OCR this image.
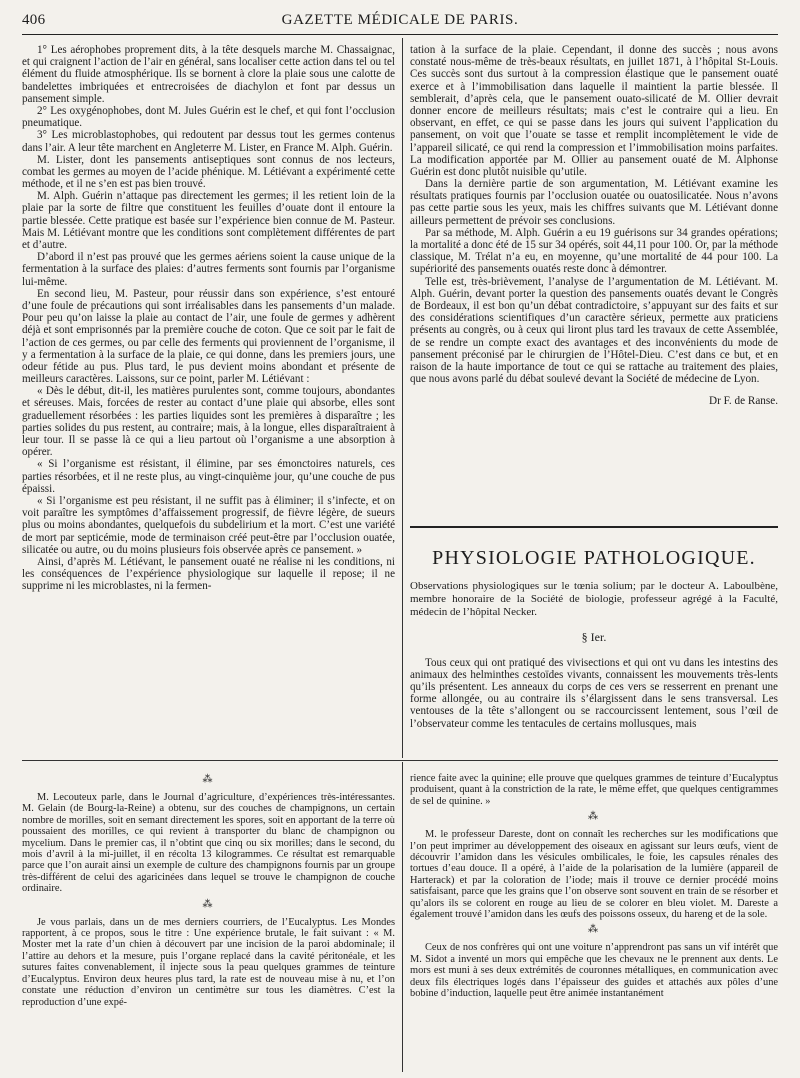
406	GAZETTE MÉDICALE DE PARIS.

1° Les aérophobes proprement dits, à la tête desquels marche M. Chassaignac, et qui craignent l’action de l’air en général, sans localiser cette action dans tel ou tel élément du fluide atmosphérique. Ils se bornent à clore la plaie sous une calotte de bandelettes imbriquées et entrecroisées de diachylon et font par dessus un pansement simple.

2° Les oxygénophobes, dont M. Jules Guérin est le chef, et qui font l’occlusion pneumatique.

3° Les microblastophobes, qui redoutent par dessus tout les germes contenus dans l’air. A leur tête marchent en Angleterre M. Lister, en France M. Alph. Guérin.

M. Lister, dont les pansements antiseptiques sont connus de nos lecteurs, combat les germes au moyen de l’acide phénique. M. Létiévant a expérimenté cette méthode, et il ne s’en est pas bien trouvé.

M. Alph. Guérin n’attaque pas directement les germes; il les retient loin de la plaie par la sorte de filtre que constituent les feuilles d’ouate dont il entoure la partie blessée. Cette pratique est basée sur l’expérience bien connue de M. Pasteur. Mais M. Létiévant montre que les conditions sont complètement différentes de part et d’autre.

D’abord il n’est pas prouvé que les germes aériens soient la cause unique de la fermentation à la surface des plaies: d’autres ferments sont fournis par l’organisme lui-même.

En second lieu, M. Pasteur, pour réussir dans son expérience, s’est entouré d’une foule de précautions qui sont irréalisables dans les pansements d’un malade. Pour peu qu’on laisse la plaie au contact de l’air, une foule de germes y adhèrent déjà et sont emprisonnés par la première couche de coton. Que ce soit par le fait de l’action de ces germes, ou par celle des ferments qui proviennent de l’organisme, il y a fermentation à la surface de la plaie, ce qui donne, dans les premiers jours, une odeur fétide au pus. Plus tard, le pus devient moins abondant et présente de meilleurs caractères. Laissons, sur ce point, parler M. Létiévant :

« Dès le début, dit-il, les matières purulentes sont, comme toujours, abondantes et séreuses. Mais, forcées de rester au contact d’une plaie qui absorbe, elles sont graduellement résorbées : les parties liquides sont les premières à disparaître ; les parties solides du pus restent, au contraire; mais, à la longue, elles disparaîtraient à leur tour. Il se passe là ce qui a lieu partout où l’organisme a une absorption à opérer.

« Si l’organisme est résistant, il élimine, par ses émonctoires naturels, ces parties résorbées, et il ne reste plus, au vingt-cinquième jour, qu’une couche de pus épaissi.

« Si l’organisme est peu résistant, il ne suffit pas à éliminer; il s’infecte, et on voit paraître les symptômes d’affaissement progressif, de fièvre légère, de sueurs plus ou moins abondantes, quelquefois du subdelirium et la mort. C’est une variété de mort par septicémie, mode de terminaison créé peut-être par l’occlusion ouatée, silicatée ou autre, ou du moins plusieurs fois observée après ce pansement. »

Ainsi, d’après M. Létiévant, le pansement ouaté ne réalise ni les conditions, ni les conséquences de l’expérience physiologique sur laquelle il repose; il ne supprime ni les microblastes, ni la fermen-

tation à la surface de la plaie. Cependant, il donne des succès ; nous avons constaté nous-même de très-beaux résultats, en juillet 1871, à l’hôpital St-Louis. Ces succès sont dus surtout à la compression élastique que le pansement ouaté exerce et à l’immobilisation dans laquelle il maintient la partie blessée. Il semblerait, d’après cela, que le pansement ouato-silicaté de M. Ollier devrait donner encore de meilleurs résultats; mais c’est le contraire qui a lieu. En observant, en effet, ce qui se passe dans les jours qui suivent l’application du pansement, on voit que l’ouate se tasse et remplit incomplètement le vide de l’appareil silicaté, ce qui rend la compression et l’immobilisation moins parfaites. La modification apportée par M. Ollier au pansement ouaté de M. Alphonse Guérin est donc plutôt nuisible qu’utile.

Dans la dernière partie de son argumentation, M. Létiévant examine les résultats pratiques fournis par l’occlusion ouatée ou ouatosilicatée. Nous n’avons pas cette partie sous les yeux, mais les chiffres suivants que M. Létiévant donne ailleurs permettent de prévoir ses conclusions.

Par sa méthode, M. Alph. Guérin a eu 19 guérisons sur 34 grandes opérations; la mortalité a donc été de 15 sur 34 opérés, soit 44,11 pour 100. Or, par la méthode classique, M. Trélat n’a eu, en moyenne, qu’une mortalité de 44 pour 100. La supériorité des pansements ouatés reste donc à démontrer.

Telle est, très-brièvement, l’analyse de l’argumentation de M. Létiévant. M. Alph. Guérin, devant porter la question des pansements ouatés devant le Congrès de Bordeaux, il est bon qu’un débat contradictoire, s’appuyant sur des faits et sur des considérations scientifiques d’un caractère sérieux, permette aux praticiens présents au congrès, ou à ceux qui liront plus tard les travaux de cette Assemblée, de se rendre un compte exact des avantages et des inconvénients du mode de pansement préconisé par le chirurgien de l’Hôtel-Dieu. C’est dans ce but, et en raison de la haute importance de tout ce qui se rattache au traitement des plaies, que nous avons parlé du débat soulevé devant la Société de médecine de Lyon.

Dr F. de Ranse.
PHYSIOLOGIE PATHOLOGIQUE.
Observations physiologiques sur le tœnia solium; par le docteur A. Laboulbène, membre honoraire de la Société de biologie, professeur agrégé à la Faculté, médecin de l’hôpital Necker.
§ Ier.

Tous ceux qui ont pratiqué des vivisections et qui ont vu dans les intestins des animaux des helminthes cestoïdes vivants, connaissent les mouvements très-lents qu’ils présentent. Les anneaux du corps de ces vers se resserrent en prenant une forme allongée, ou au contraire ils s’élargissent dans le sens transversal. Les ventouses de la tête s’allongent ou se raccourcissent lentement, sous l’œil de l’observateur comme les tentacules de certains mollusques, mais

⁂

M. Lecouteux parle, dans le Journal d’agriculture, d’expériences très-intéressantes. M. Gelain (de Bourg-la-Reine) a obtenu, sur des couches de champignons, un certain nombre de morilles, soit en semant directement les spores, soit en apportant de la terre où poussaient des morilles, ce qui revient à transporter du blanc de champignon ou mycelium. Dans le premier cas, il n’obtint que cinq ou six morilles; dans le second, du mois d’avril à la mi-juillet, il en récolta 13 kilogrammes. Ce résultat est remarquable parce que l’on aurait ainsi un exemple de culture des champignons fournis par un groupe très-différent de celui des agaricinées dans lequel se trouve le champignon de couche ordinaire.

⁂

Je vous parlais, dans un de mes derniers courriers, de l’Eucalyptus. Les Mondes rapportent, à ce propos, sous le titre : Une expérience brutale, le fait suivant : « M. Moster met la rate d’un chien à découvert par une incision de la paroi abdominale; il l’attire au dehors et la mesure, puis l’organe replacé dans la cavité péritonéale, et les sutures faites convenablement, il injecte sous la peau quelques grammes de teinture d’Eucalyptus. Environ deux heures plus tard, la rate est de nouveau mise à nu, et l’on constate une réduction d’environ un centimètre sur tous les diamètres. C’est la reproduction d’une expé-

rience faite avec la quinine; elle prouve que quelques grammes de teinture d’Eucalyptus produisent, quant à la constriction de la rate, le même effet, que quelques centigrammes de sel de quinine. »

⁂

M. le professeur Dareste, dont on connaît les recherches sur les modifications que l’on peut imprimer au développement des oiseaux en agissant sur leurs œufs, vient de découvrir l’amidon dans les vésicules ombilicales, le foie, les capsules rénales des tortues d’eau douce. Il a opéré, à l’aide de la polarisation de la lumière (appareil de Harterack) et par la coloration de l’iode; mais il trouve ce dernier procédé moins satisfaisant, parce que les grains que l’on observe sont souvent en train de se résorber et qu’alors ils se colorent en rouge au lieu de se colorer en bleu violet. M. Dareste a également trouvé l’amidon dans les œufs des poissons osseux, du hareng et de la sole.

⁂

Ceux de nos confrères qui ont une voiture n’apprendront pas sans un vif intérêt que M. Sidot a inventé un mors qui empêche que les chevaux ne le prennent aux dents. Le mors est muni à ses deux extrémités de couronnes métalliques, en communication avec deux fils électriques logés dans l’épaisseur des guides et attachés aux pôles d’une bobine d’induction, laquelle peut être animée instantanément
